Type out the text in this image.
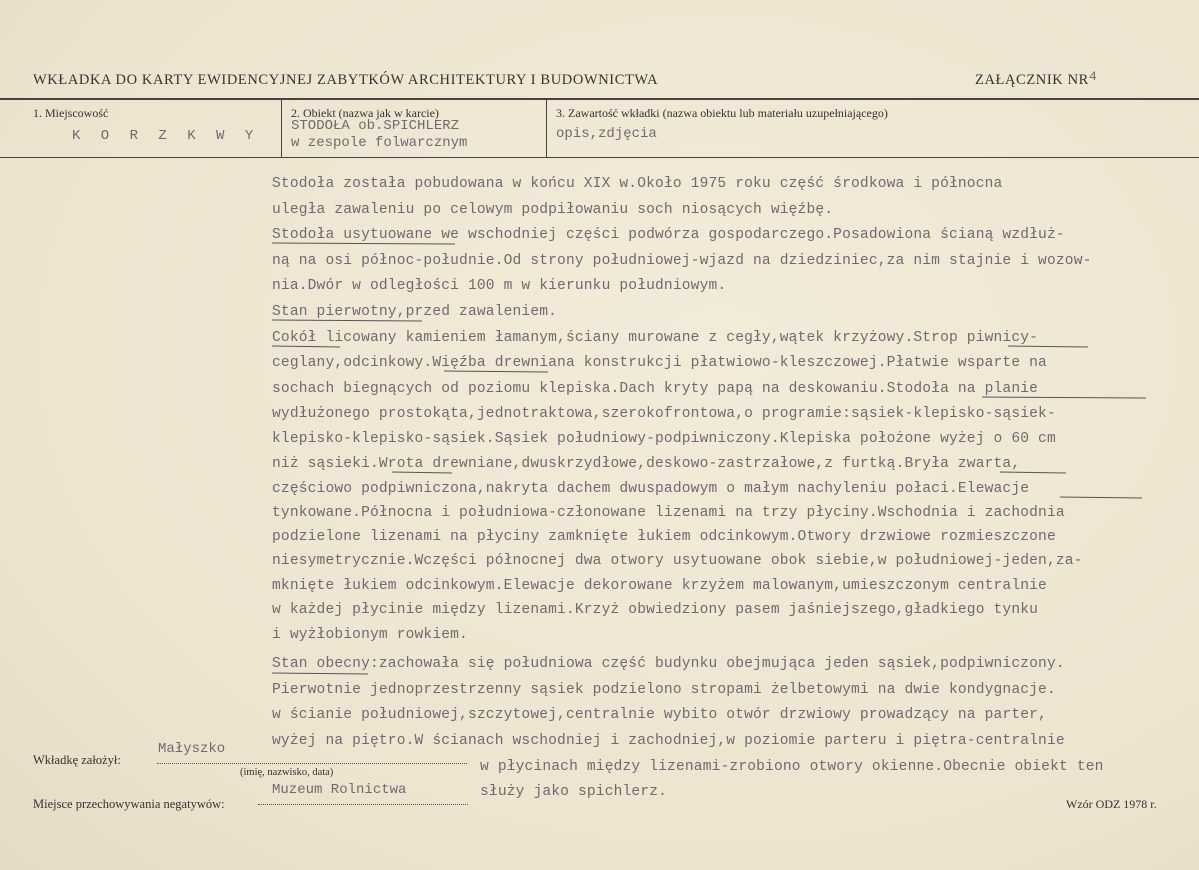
WKŁADKA DO KARTY EWIDENCYJNEJ ZABYTKÓW ARCHITEKTURY I BUDOWNICTWA	ZAŁĄCZNIK NR4
1. Miejscowość
K O R Z K W Y
2. Obiekt (nazwa jak w karcie)
STODOŁA ob.SPICHLERZ
w zespole folwarcznym
3. Zawartość wkładki (nazwa obiektu lub materiału uzupełniającego)
opis,zdjęcia
Stodoła została pobudowana w końcu XIX w.Około 1975 roku część środkowa i północna
uległa zawaleniu po celowym podpiłowaniu soch niosących więźbę.
Stodoła usytuowane we wschodniej części podwórza gospodarczego.Posadowiona ścianą wzdłuż-
ną na osi północ-południe.Od strony południowej-wjazd na dziedziniec,za nim stajnie i wozow-
nia.Dwór w odległości 100 m w kierunku południowym.
Stan pierwotny,przed zawaleniem.
Cokół licowany kamieniem łamanym,ściany murowane z cegły,wątek krzyżowy.Strop piwnicy-
ceglany,odcinkowy.Więźba drewniana konstrukcji płatwiowo-kleszczowej.Płatwie wsparte na
sochach biegnących od poziomu klepiska.Dach kryty papą na deskowaniu.Stodoła na planie
wydłużonego prostokąta,jednotraktowa,szerokofrontowa,o programie:sąsiek-klepisko-sąsiek-
klepisko-klepisko-sąsiek.Sąsiek południowy-podpiwniczony.Klepiska położone wyżej o 60 cm
niż sąsieki.Wrota drewniane,dwuskrzydłowe,deskowo-zastrzałowe,z furtką.Bryła zwarta,
częściowo podpiwniczona,nakryta dachem dwuspadowym o małym nachyleniu połaci.Elewacje
tynkowane.Północna i południowa-członowane lizenami na trzy płyciny.Wschodnia i zachodnia
podzielone lizenami na płyciny zamknięte łukiem odcinkowym.Otwory drzwiowe rozmieszczone
niesymetrycznie.Wczęści północnej dwa otwory usytuowane obok siebie,w południowej-jeden,za-
mknięte łukiem odcinkowym.Elewacje dekorowane krzyżem malowanym,umieszczonym centralnie
w każdej płycinie między lizenami.Krzyż obwiedziony pasem jaśniejszego,gładkiego tynku
i wyżłobionym rowkiem.
Stan obecny:zachowała się południowa część budynku obejmująca jeden sąsiek,podpiwniczony.
Pierwotnie jednoprzestrzenny sąsiek podzielono stropami żelbetowymi na dwie kondygnacje.
w ścianie południowej,szczytowej,centralnie wybito otwór drzwiowy prowadzący na parter,
wyżej na piętro.W ścianach wschodniej i zachodniej,w poziomie parteru i piętra-centralnie
w płycinach między lizenami-zrobiono otwory okienne.Obecnie obiekt ten
służy jako spichlerz.
Wkładkę założył:
Małyszko
(imię, nazwisko, data)
Miejsce przechowywania negatywów:
Muzeum Rolnictwa
Wzór ODZ 1978 r.
